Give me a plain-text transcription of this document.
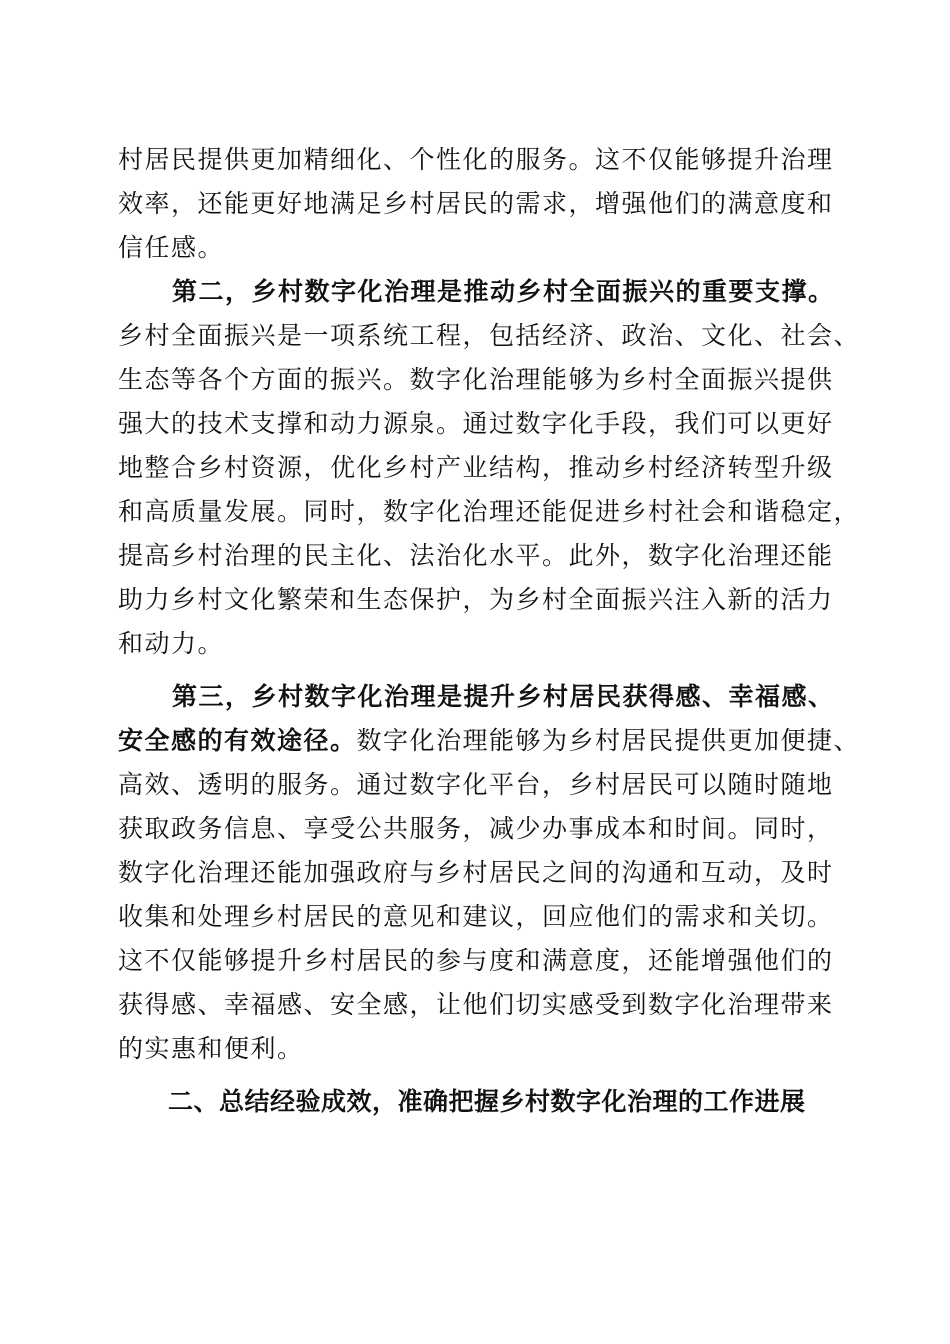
村居民提供更加精细化、个性化的服务。这不仅能够提升治理
效率，还能更好地满足乡村居民的需求，增强他们的满意度和
信任感。
第二，乡村数字化治理是推动乡村全面振兴的重要支撑。
乡村全面振兴是一项系统工程，包括经济、政治、文化、社会、
生态等各个方面的振兴。数字化治理能够为乡村全面振兴提供
强大的技术支撑和动力源泉。通过数字化手段，我们可以更好
地整合乡村资源，优化乡村产业结构，推动乡村经济转型升级
和高质量发展。同时，数字化治理还能促进乡村社会和谐稳定，
提高乡村治理的民主化、法治化水平。此外，数字化治理还能
助力乡村文化繁荣和生态保护，为乡村全面振兴注入新的活力
和动力。
第三，乡村数字化治理是提升乡村居民获得感、幸福感、
安全感的有效途径。数字化治理能够为乡村居民提供更加便捷、
高效、透明的服务。通过数字化平台，乡村居民可以随时随地
获取政务信息、享受公共服务，减少办事成本和时间。同时，
数字化治理还能加强政府与乡村居民之间的沟通和互动，及时
收集和处理乡村居民的意见和建议，回应他们的需求和关切。
这不仅能够提升乡村居民的参与度和满意度，还能增强他们的
获得感、幸福感、安全感，让他们切实感受到数字化治理带来
的实惠和便利。
二、总结经验成效，准确把握乡村数字化治理的工作进展
